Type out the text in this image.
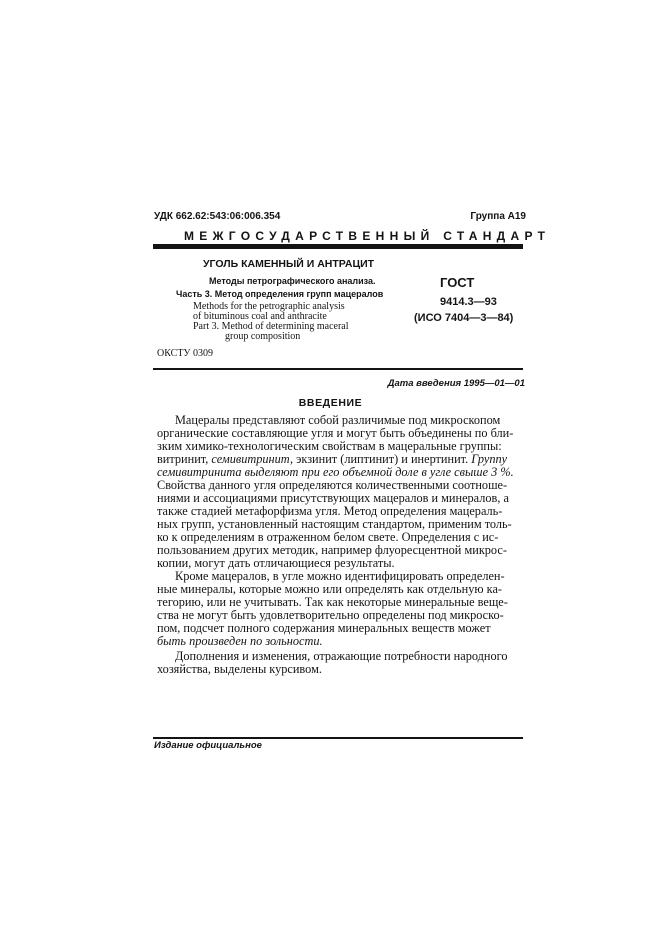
УДК 662.62:543:06:006.354	Группа А19
МЕЖГОСУДАРСТВЕННЫЙ СТАНДАРТ
УГОЛЬ КАМЕННЫЙ И АНТРАЦИТ
Методы петрографического анализа.
Часть 3. Метод определения групп мацералов
Methods for the petrographic analysis
of bituminous coal and anthracite
Part 3. Method of determining maceral
group composition
ГОСТ
9414.3—93
(ИСО 7404—3—84)
ОКСТУ 0309
Дата введения 1995—01—01
ВВЕДЕНИЕ
Мацералы представляют собой различимые под микроскопом
органические составляющие угля и могут быть объединены по бли-
зким химико-технологическим свойствам в мацеральные группы:
витринит, семивитринит, экзинит (липтинит) и инертинит. Группу
семивитринита выделяют при его объемной доле в угле свыше 3 %.
Свойства данного угля определяются количественными соотноше-
ниями и ассоциациями присутствующих мацералов и минералов, а
также стадией метафорфизма угля. Метод определения мацераль-
ных групп, установленный настоящим стандартом, применим толь-
ко к определениям в отраженном белом свете. Определения с ис-
пользованием других методик, например флуоресцентной микрос-
копии, могут дать отличающиеся результаты.
Кроме мацералов, в угле можно идентифицировать определен-
ные минералы, которые можно или определять как отдельную ка-
тегорию, или не учитывать. Так как некоторые минеральные веще-
ства не могут быть удовлетворительно определены под микроско-
пом, подсчет полного содержания минеральных веществ может
быть произведен по зольности.
Дополнения и изменения, отражающие потребности народного
хозяйства, выделены курсивом.
Издание официальное
